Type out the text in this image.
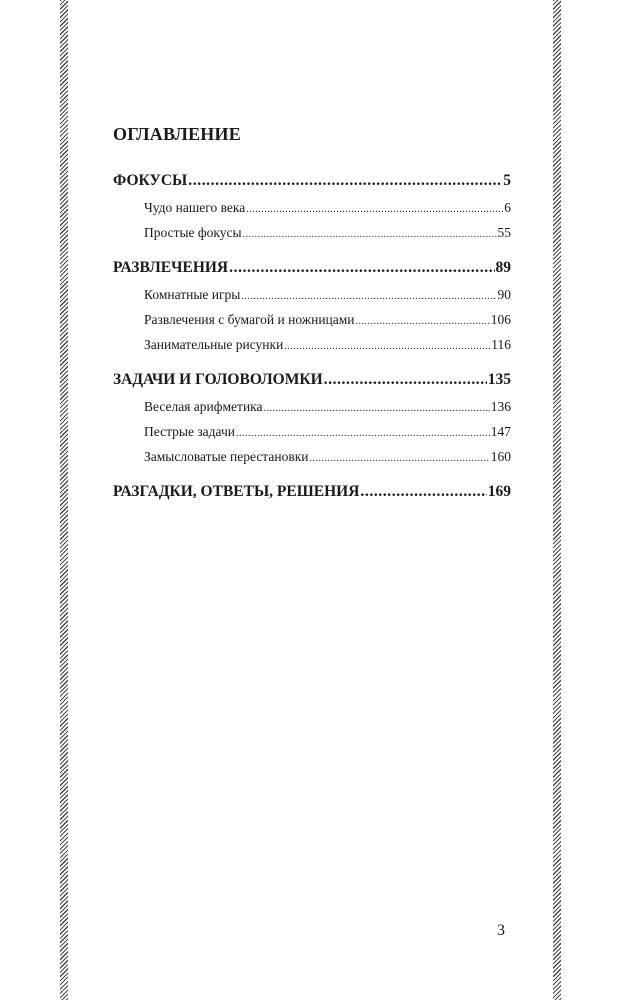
ОГЛАВЛЕНИЕ
ФОКУСЫ .....	5
Чудо нашего века .....	6
Простые фокусы .....	55
РАЗВЛЕЧЕНИЯ .....	89
Комнатные игры .....	90
Развлечения с бумагой и ножницами .....	106
Занимательные рисунки .....	116
ЗАДАЧИ И ГОЛОВОЛОМКИ .....	135
Веселая арифметика .....	136
Пестрые задачи .....	147
Замысловатые перестановки .....	160
РАЗГАДКИ, ОТВЕТЫ, РЕШЕНИЯ .....	169
3
